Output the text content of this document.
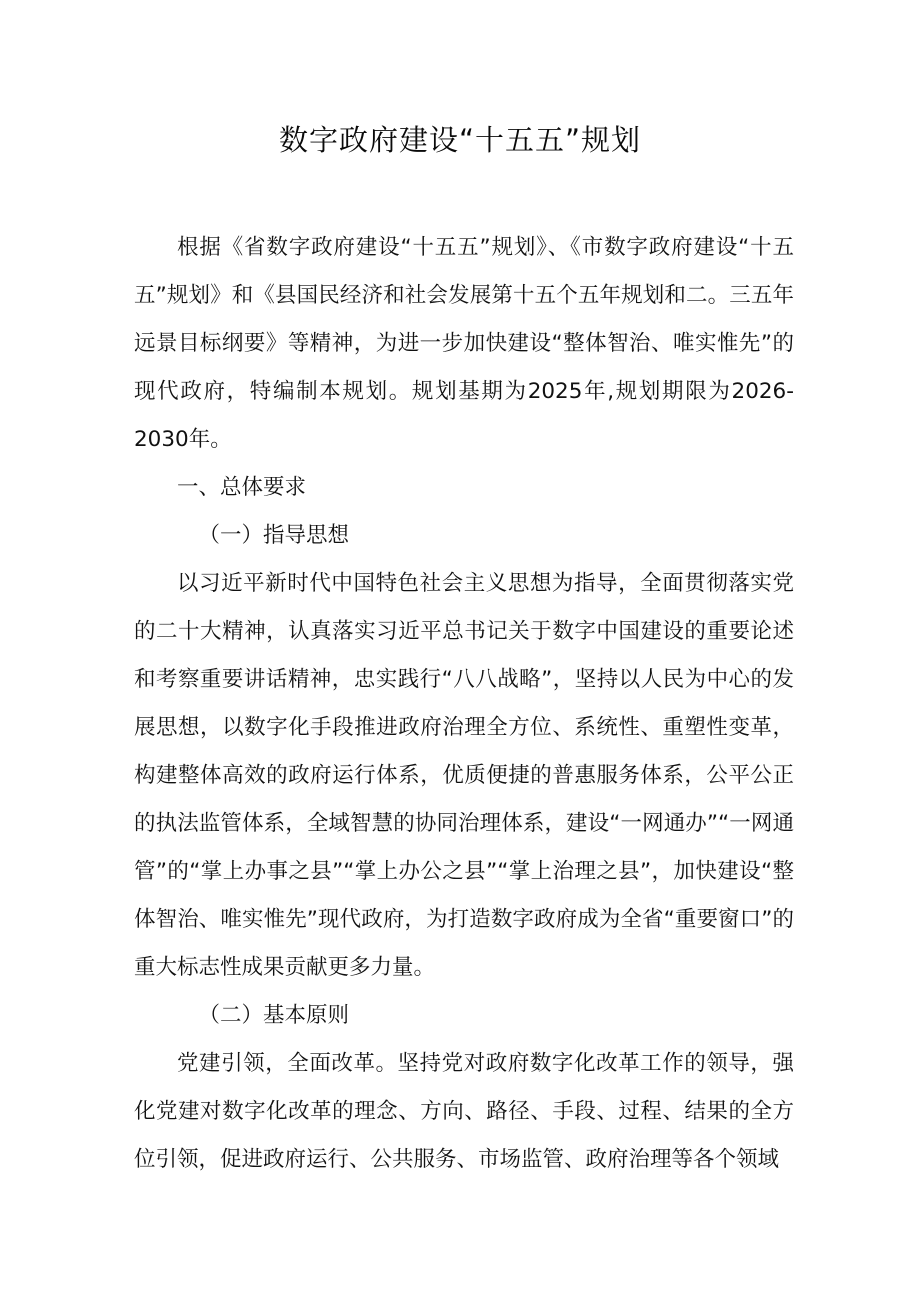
数字政府建设“十五五”规划

根据《省数字政府建设“十五五”规划》、《市数字政府建设“十五五”规划》和《县国民经济和社会发展第十五个五年规划和二。三五年远景目标纲要》等精神，为进一步加快建设“整体智治、唯实惟先”的现代政府，特编制本规划。规划基期为2025年,规划期限为2026-2030年。

一、总体要求

（一）指导思想

以习近平新时代中国特色社会主义思想为指导，全面贯彻落实党的二十大精神，认真落实习近平总书记关于数字中国建设的重要论述和考察重要讲话精神，忠实践行“八八战略”，坚持以人民为中心的发展思想，以数字化手段推进政府治理全方位、系统性、重塑性变革，构建整体高效的政府运行体系，优质便捷的普惠服务体系，公平公正的执法监管体系，全域智慧的协同治理体系，建设“一网通办”“一网通管”的“掌上办事之县”“掌上办公之县”“掌上治理之县”，加快建设“整体智治、唯实惟先”现代政府，为打造数字政府成为全省“重要窗口”的重大标志性成果贡献更多力量。

（二）基本原则

党建引领，全面改革。坚持党对政府数字化改革工作的领导，强化党建对数字化改革的理念、方向、路径、手段、过程、结果的全方位引领，促进政府运行、公共服务、市场监管、政府治理等各个领域
